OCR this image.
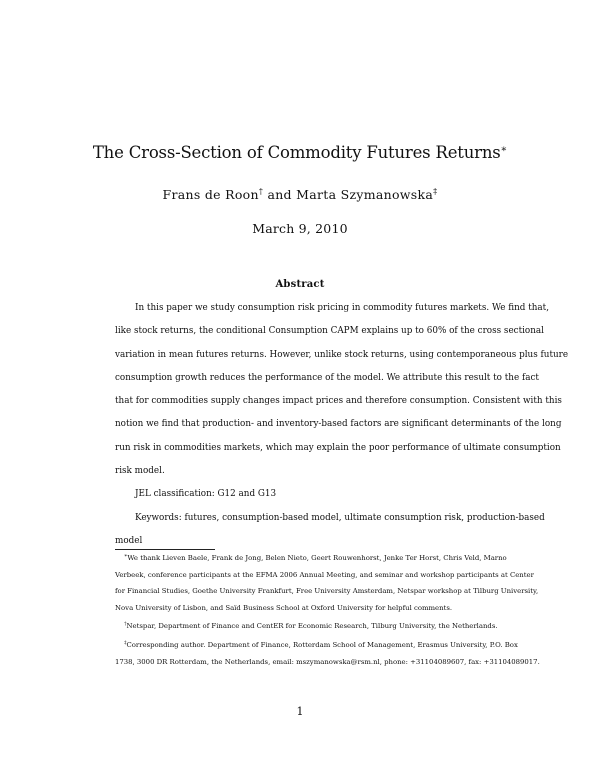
The Cross-Section of Commodity Futures Returns∗
Frans de Roon† and Marta Szymanowska‡
March 9, 2010
Abstract
In this paper we study consumption risk pricing in commodity futures markets. We find that,
like stock returns, the conditional Consumption CAPM explains up to 60% of the cross sectional
variation in mean futures returns. However, unlike stock returns, using contemporaneous plus future
consumption growth reduces the performance of the model. We attribute this result to the fact
that for commodities supply changes impact prices and therefore consumption. Consistent with this
notion we find that production- and inventory-based factors are significant determinants of the long
run risk in commodities markets, which may explain the poor performance of ultimate consumption
risk model.
JEL classification: G12 and G13
Keywords: futures, consumption-based model, ultimate consumption risk, production-based
model
∗We thank Lieven Baele, Frank de Jong, Belen Nieto, Geert Rouwenhorst, Jenke Ter Horst, Chris Veld, Marno
Verbeek, conference participants at the EFMA 2006 Annual Meeting, and seminar and workshop participants at Center
for Financial Studies, Goethe University Frankfurt, Free University Amsterdam, Netspar workshop at Tilburg University,
Nova University of Lisbon, and Saïd Business School at Oxford University for helpful comments.
†Netspar, Department of Finance and CentER for Economic Research, Tilburg University, the Netherlands.
‡Corresponding author. Department of Finance, Rotterdam School of Management, Erasmus University, P.O. Box
1738, 3000 DR Rotterdam, the Netherlands, email: mszymanowska@rsm.nl, phone: +31104089607, fax: +31104089017.
1
